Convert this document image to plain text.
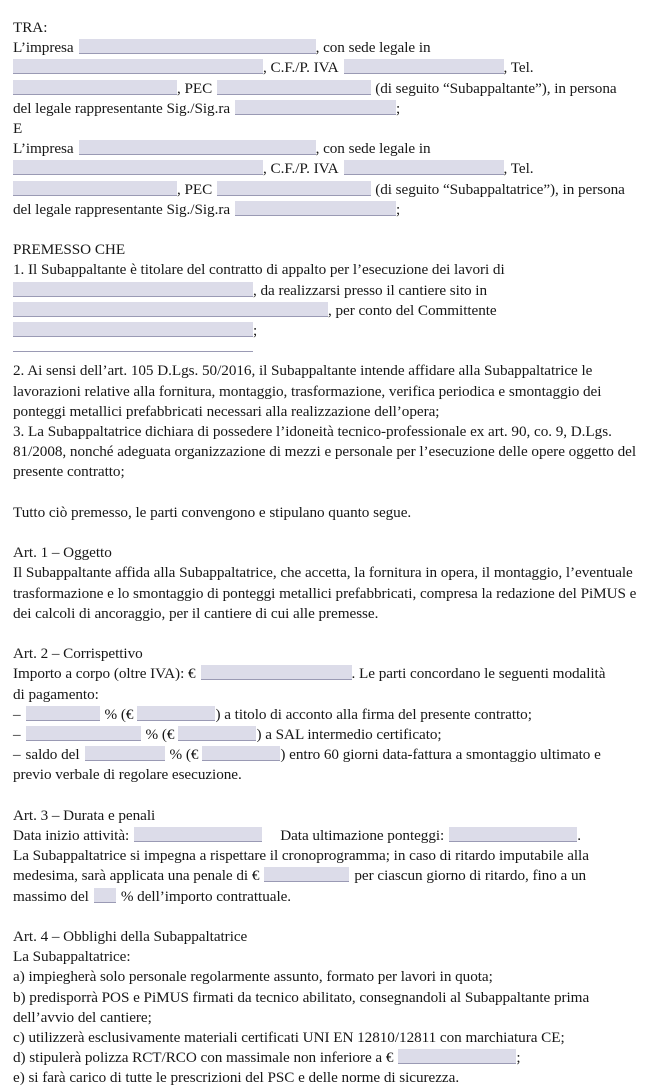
TRA:
L’impresa	, con sede legale in
, C.F./P. IVA	, Tel.
, PEC	(di seguito “Subappaltante”), in persona
del legale rappresentante Sig./Sig.ra	;
E
L’impresa	, con sede legale in
, C.F./P. IVA	, Tel.
, PEC	(di seguito “Subappaltatrice”), in persona
del legale rappresentante Sig./Sig.ra	;
PREMESSO CHE
1. Il Subappaltante è titolare del contratto di appalto per l’esecuzione dei lavori di
, da realizzarsi presso il cantiere sito in
, per conto del Committente
;
2. Ai sensi dell’art. 105 D.Lgs. 50/2016, il Subappaltante intende affidare alla Subappaltatrice le lavorazioni relative alla fornitura, montaggio, trasformazione, verifica periodica e smontaggio dei ponteggi metallici prefabbricati necessari alla realizzazione dell’opera;
3. La Subappaltatrice dichiara di possedere l’idoneità tecnico-professionale ex art. 90, co. 9, D.Lgs. 81/2008, nonché adeguata organizzazione di mezzi e personale per l’esecuzione delle opere oggetto del presente contratto;
Tutto ciò premesso, le parti convengono e stipulano quanto segue.
Art. 1 – Oggetto
Il Subappaltante affida alla Subappaltatrice, che accetta, la fornitura in opera, il montaggio, l’eventuale trasformazione e lo smontaggio di ponteggi metallici prefabbricati, compresa la redazione del PiMUS e dei calcoli di ancoraggio, per il cantiere di cui alle premesse.
Art. 2 – Corrispettivo
Importo a corpo (oltre IVA): €	. Le parti concordano le seguenti modalità
di pagamento:
–	% (€	) a titolo di acconto alla firma del presente contratto;
–	% (€	) a SAL intermedio certificato;
– saldo del	% (€	) entro 60 giorni data-fattura a smontaggio ultimato e
previo verbale di regolare esecuzione.
Art. 3 – Durata e penali
Data inizio attività:	Data ultimazione ponteggi:	.
La Subappaltatrice si impegna a rispettare il cronoprogramma; in caso di ritardo imputabile alla
medesima, sarà applicata una penale di €	per ciascun giorno di ritardo, fino a un
massimo del % dell’importo contrattuale.
Art. 4 – Obblighi della Subappaltatrice
La Subappaltatrice:
a) impiegherà solo personale regolarmente assunto, formato per lavori in quota;
b) predisporrà POS e PiMUS firmati da tecnico abilitato, consegnandoli al Subappaltante prima dell’avvio del cantiere;
c) utilizzerà esclusivamente materiali certificati UNI EN 12810/12811 con marchiatura CE;
d) stipulerà polizza RCT/RCO con massimale non inferiore a €	;
e) si farà carico di tutte le prescrizioni del PSC e delle norme di sicurezza.
